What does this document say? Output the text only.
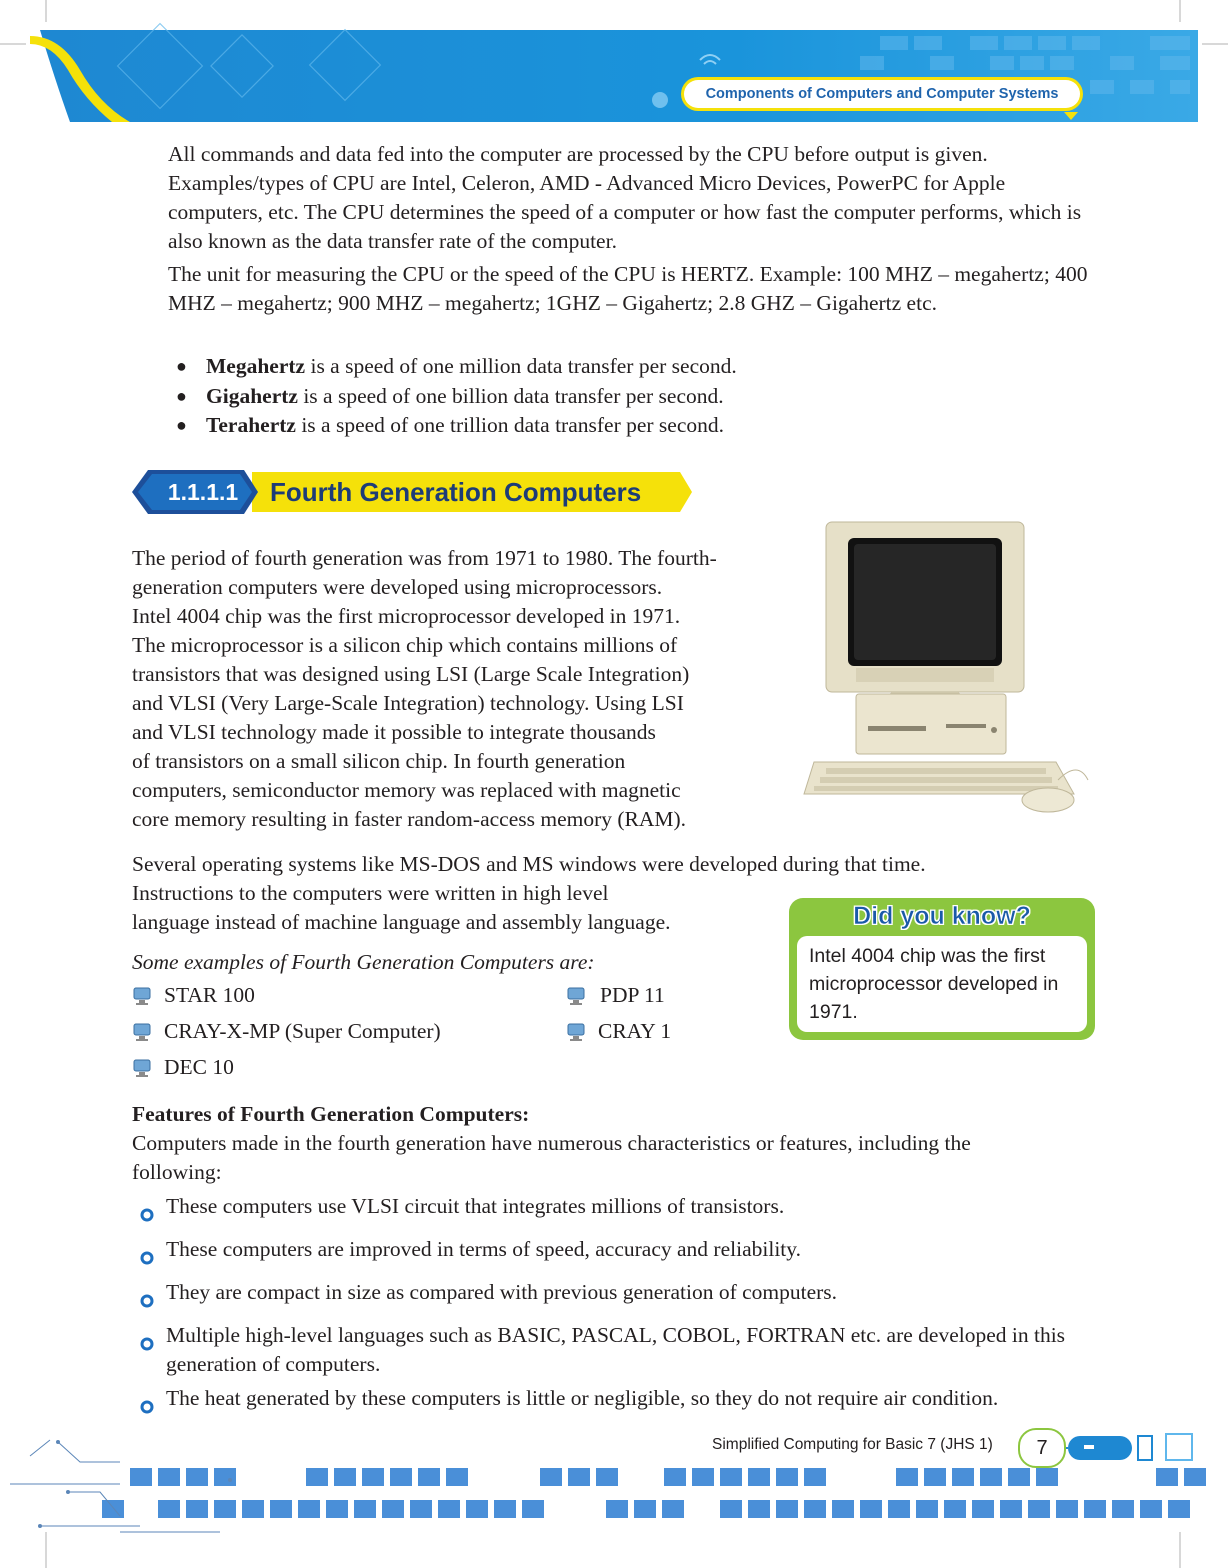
Components of Computers and Computer Systems

All commands and data fed into the computer are processed by the CPU before output is given. Examples/types of CPU are Intel, Celeron, AMD - Advanced Micro Devices, PowerPC for Apple computers, etc. The CPU determines the speed of a computer or how fast the computer performs, which is also known as the data transfer rate of the computer.

The unit for measuring the CPU or the speed of the CPU is HERTZ. Example: 100 MHZ – megahertz; 400 MHZ – megahertz; 900 MHZ – megahertz; 1GHZ – Gigahertz; 2.8 GHZ – Gigahertz etc.

● Megahertz is a speed of one million data transfer per second.
● Gigahertz is a speed of one billion data transfer per second.
● Terahertz is a speed of one trillion data transfer per second.
1.1.1.1	Fourth Generation Computers

The period of fourth generation was from 1971 to 1980. The fourth-

generation computers were developed using microprocessors.

Intel 4004 chip was the first microprocessor developed in 1971.

The microprocessor is a silicon chip which contains millions of

transistors that was designed using LSI (Large Scale Integration)

and VLSI (Very Large-Scale Integration) technology. Using LSI

and VLSI technology made it possible to integrate thousands

of transistors on a small silicon chip. In fourth generation

computers, semiconductor memory was replaced with magnetic

core memory resulting in faster random-access memory (RAM).

Several operating systems like MS-DOS and MS windows were developed during that time.

Instructions to the computers were written in high level

language instead of machine language and assembly language.

Some examples of Fourth Generation Computers are:
STAR 100	PDP 11
CRAY-X-MP (Super Computer)	CRAY 1
DEC 10
Did you know?
Intel 4004 chip was the first microprocessor developed in 1971.
Features of Fourth Generation Computers:
Computers made in the fourth generation have numerous characteristics or features, including the following:
These computers use VLSI circuit that integrates millions of transistors.
These computers are improved in terms of speed, accuracy and reliability.
They are compact in size as compared with previous generation of computers.
Multiple high-level languages such as BASIC, PASCAL, COBOL, FORTRAN etc. are developed in this generation of computers.
The heat generated by these computers is little or negligible, so they do not require air condition.
Simplified Computing for Basic 7 (JHS 1)	7
